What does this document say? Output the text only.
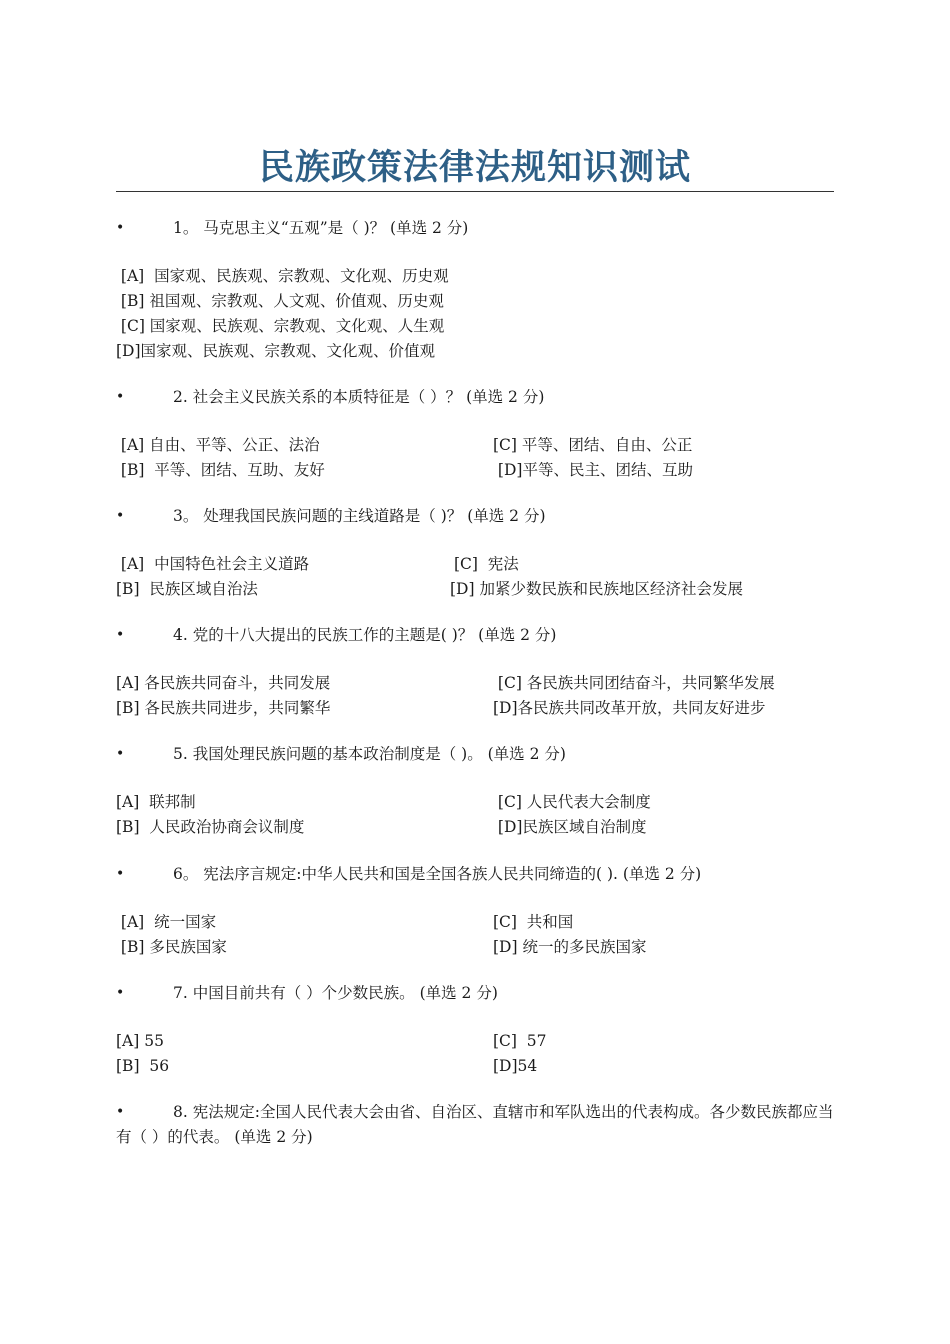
民族政策法律法规知识测试
•	1。 马克思主义“五观”是（ )？ (单选 2 分)
[A]  国家观、民族观、宗教观、文化观、历史观
[B] 祖国观、宗教观、人文观、价值观、历史观
[C] 国家观、民族观、宗教观、文化观、人生观
[D]国家观、民族观、宗教观、文化观、价值观
•	2. 社会主义民族关系的本质特征是（ ）？ (单选 2 分)
[A] 自由、平等、公正、法治	[C] 平等、团结、自由、公正
[B]  平等、团结、互助、友好	[D]平等、民主、团结、互助
•	3。 处理我国民族问题的主线道路是（ )？ (单选 2 分)
[A]  中国特色社会主义道路	[C]  宪法
[B]  民族区域自治法	[D] 加紧少数民族和民族地区经济社会发展
•	4. 党的十八大提出的民族工作的主题是( )？ (单选 2 分)
[A] 各民族共同奋斗，共同发展	[C] 各民族共同团结奋斗，共同繁华发展
[B] 各民族共同进步，共同繁华	[D]各民族共同改革开放，共同友好进步
•	5. 我国处理民族问题的基本政治制度是（ )。 (单选 2 分)
[A]  联邦制	[C] 人民代表大会制度
[B]  人民政治协商会议制度	[D]民族区域自治制度
•	6。 宪法序言规定:中华人民共和国是全国各族人民共同缔造的( ). (单选 2 分)
[A]  统一国家	[C]  共和国
[B] 多民族国家	[D] 统一的多民族国家
•	7. 中国目前共有（ ）个少数民族。 (单选 2 分)
[A] 55	[C]  57
[B]  56	[D]54
•	8. 宪法规定:全国人民代表大会由省、自治区、直辖市和军队选出的代表构成。各少数民族都应当有（ ）的代表。 (单选 2 分)
